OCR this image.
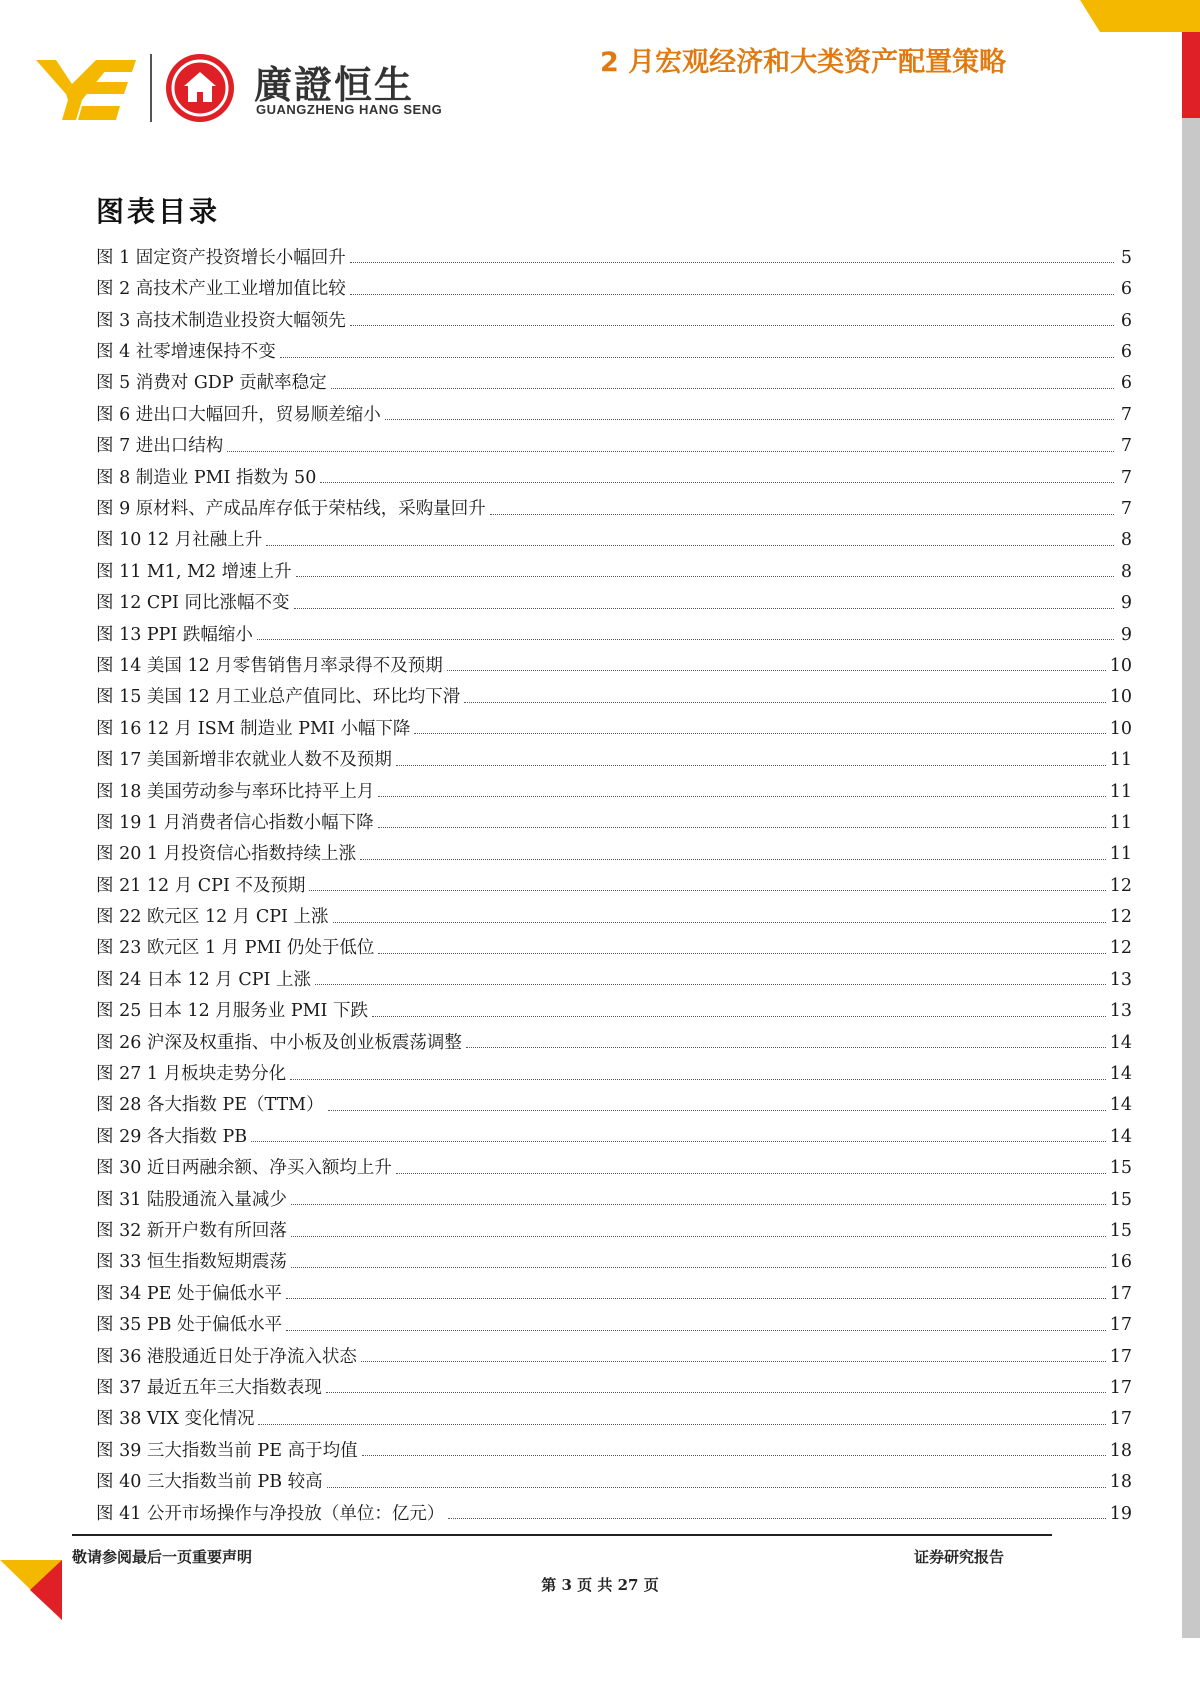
廣證恒生
GUANGZHENG HANG SENG
2 月宏观经济和大类资产配置策略
图表目录
图 1 固定资产投资增长小幅回升	5
图 2 高技术产业工业增加值比较	6
图 3 高技术制造业投资大幅领先	6
图 4 社零增速保持不变	6
图 5 消费对 GDP 贡献率稳定	6
图 6 进出口大幅回升，贸易顺差缩小	7
图 7 进出口结构	7
图 8 制造业 PMI 指数为 50	7
图 9 原材料、产成品库存低于荣枯线，采购量回升	7
图 10 12 月社融上升	8
图 11 M1, M2 增速上升	8
图 12 CPI 同比涨幅不变	9
图 13 PPI 跌幅缩小	9
图 14 美国 12 月零售销售月率录得不及预期	10
图 15 美国 12 月工业总产值同比、环比均下滑	10
图 16 12 月 ISM 制造业 PMI 小幅下降	10
图 17 美国新增非农就业人数不及预期	11
图 18 美国劳动参与率环比持平上月	11
图 19 1 月消费者信心指数小幅下降	11
图 20 1 月投资信心指数持续上涨	11
图 21 12 月 CPI 不及预期	12
图 22 欧元区 12 月 CPI 上涨	12
图 23 欧元区 1 月 PMI 仍处于低位	12
图 24 日本 12 月 CPI 上涨	13
图 25 日本 12 月服务业 PMI 下跌	13
图 26 沪深及权重指、中小板及创业板震荡调整	14
图 27 1 月板块走势分化	14
图 28 各大指数 PE（TTM）	14
图 29 各大指数 PB	14
图 30 近日两融余额、净买入额均上升	15
图 31 陆股通流入量减少	15
图 32 新开户数有所回落	15
图 33 恒生指数短期震荡	16
图 34 PE 处于偏低水平	17
图 35 PB 处于偏低水平	17
图 36 港股通近日处于净流入状态	17
图 37 最近五年三大指数表现	17
图 38 VIX 变化情况	17
图 39 三大指数当前 PE 高于均值	18
图 40 三大指数当前 PB 较高	18
图 41 公开市场操作与净投放（单位：亿元）	19
敬请参阅最后一页重要声明	证券研究报告
第 3 页 共 27 页
